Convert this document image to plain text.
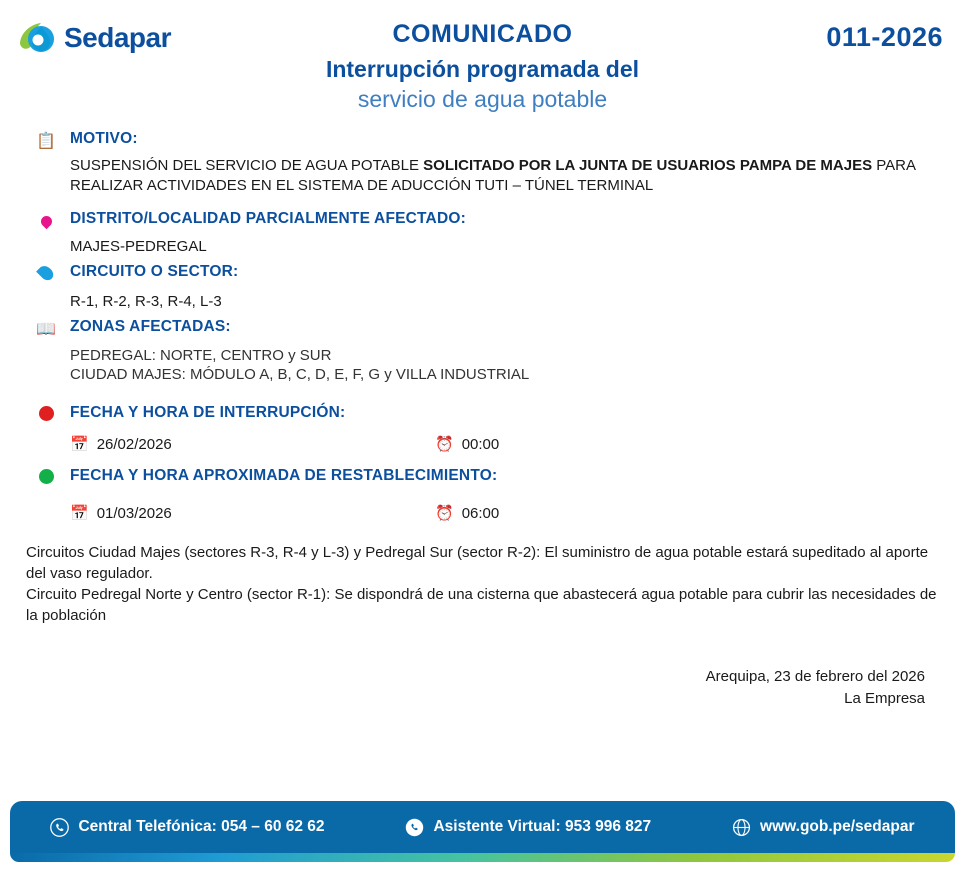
Sedapar	COMUNICADO
Interrupción programada del
servicio de agua potable
011-2026
📋 MOTIVO:
SUSPENSIÓN DEL SERVICIO DE AGUA POTABLE SOLICITADO POR LA JUNTA DE USUARIOS PAMPA DE MAJES PARA REALIZAR ACTIVIDADES EN EL SISTEMA DE ADUCCIÓN TUTI – TÚNEL TERMINAL
DISTRITO/LOCALIDAD PARCIALMENTE AFECTADO:
MAJES-PEDREGAL
CIRCUITO O SECTOR:
R-1, R-2, R-3, R-4, L-3
📖 ZONAS AFECTADAS:
PEDREGAL: NORTE, CENTRO y SUR
CIUDAD MAJES: MÓDULO A, B, C, D, E, F, G y VILLA INDUSTRIAL
FECHA Y HORA DE INTERRUPCIÓN:
📅 26/02/2026	⏰ 00:00
FECHA Y HORA APROXIMADA DE RESTABLECIMIENTO:
📅 01/03/2026	⏰ 06:00
Circuitos Ciudad Majes (sectores R-3, R-4 y L-3) y Pedregal Sur (sector R-2): El suministro de agua potable estará supeditado al aporte del vaso regulador.
Circuito Pedregal Norte y Centro (sector R-1): Se dispondrá de una cisterna que abastecerá agua potable para cubrir las necesidades de la población
Arequipa, 23 de febrero del 2026
La Empresa
Central Telefónica: 054 – 60 62 62	Asistente Virtual: 953 996 827	www.gob.pe/sedapar
